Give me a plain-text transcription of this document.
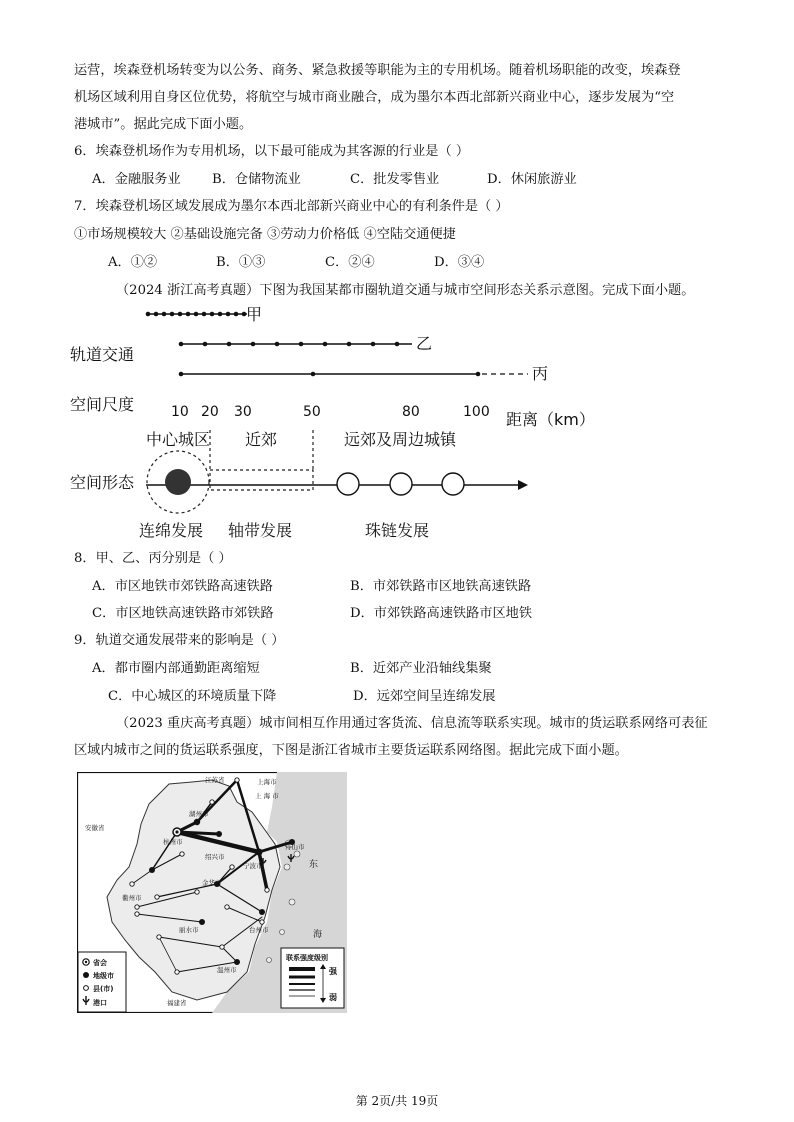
运营，埃森登机场转变为以公务、商务、紧急救援等职能为主的专用机场。随着机场职能的改变，埃森登
机场区域利用自身区位优势，将航空与城市商业融合，成为墨尔本西北部新兴商业中心，逐步发展为“空
港城市”。据此完成下面小题。
6．埃森登机场作为专用机场，以下最可能成为其客源的行业是（ ）
A．金融服务业 B．仓储物流业	C．批发零售业	D．休闲旅游业
7．埃森登机场区域发展成为墨尔本西北部新兴商业中心的有利条件是（ ）
①市场规模较大 ②基础设施完备 ③劳动力价格低 ④空陆交通便捷
A．①②	B．①③	C．②④	D．③④
（2024 浙江高考真题）下图为我国某都市圈轨道交通与城市空间形态关系示意图。完成下面小题。
轨道交通
空间尺度
空间形态
甲
乙
丙
10 20 30	50	80	100 距离（km）
中心城区 近郊	远郊及周边城镇
连绵发展 轴带发展	珠链发展
8．甲、乙、丙分别是（ ）
A．市区地铁市郊铁路高速铁路	B．市郊铁路市区地铁高速铁路
C．市区地铁高速铁路市郊铁路	D．市郊铁路高速铁路市区地铁
9．轨道交通发展带来的影响是（ ）
A．都市圈内部通勤距离缩短	B．近郊产业沿轴线集聚
C．中心城区的环境质量下降	D．远郊空间呈连绵发展
（2023 重庆高考真题）城市间相互作用通过客货流、信息流等联系实现。城市的货运联系网络可表征
区域内城市之间的货运联系强度，下图是浙江省城市主要货运联系网络图。据此完成下面小题。
江苏省	上海市
上 海 市
安徽省
湖州市
杭州市
绍兴市
宁波市
舟山市
金华市
衢州市
丽水市	台州市
温州市
福建省
东
海
省会
地级市
县(市)
港口
联系强度级别
强
弱
第 2页/共 19页
